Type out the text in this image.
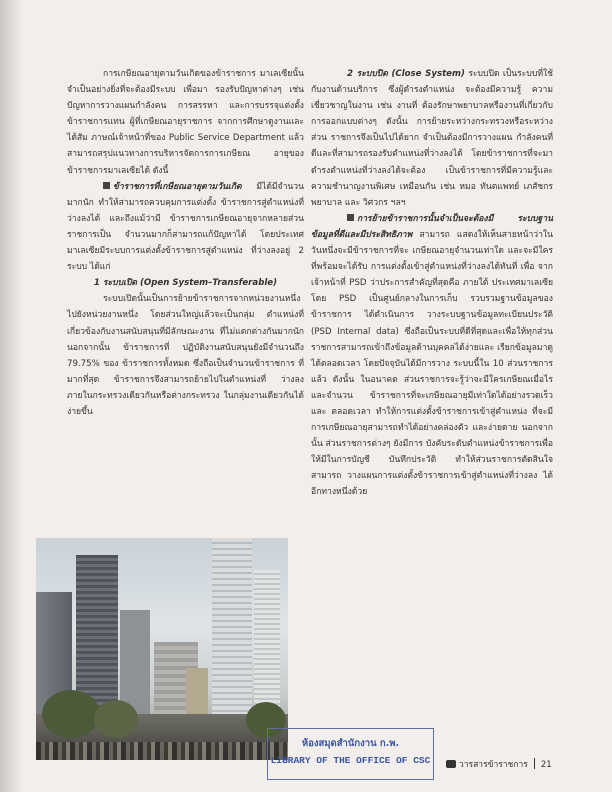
การเกษียณอายุตามวันเกิดของข้าราชการ มาเลเซียนั้นจำเป็นอย่างยิ่งที่จะต้องมีระบบ เพื่อมา รองรับปัญหาต่างๆ เช่น ปัญหาการวางแผนกำลังคน การสรรหา และการบรรจุแต่งตั้งข้าราชการแทน ผู้ที่เกษียณอายุราชการ จากการศึกษาดูงานและได้สัม ภาษณ์เจ้าหน้าที่ของ Public Service Department แล้ว สามารถสรุปแนวทางการบริหารจัดการการเกษียณ	อายุของข้าราชการมาเลเซียได้ ดังนี้

ข้าราชการที่เกษียณอายุตามวันเกิด มีได้มีจำนวนมากนัก ทำให้สามารถควบคุมการแต่งตั้ง ข้าราชการสู่ตำแหน่งที่ว่างลงได้ และถึงแม้ว่ามี ข้าราชการเกษียณอายุจากหลายส่วนราชการเป็น จำนวนมากก็สามารถแก้ปัญหาได้ โดยประเทศ มาเลเซียมีระบบการแต่งตั้งข้าราชการสู่ตำแหน่ง ที่ว่างลงอยู่ 2 ระบบ ได้แก่

1 ระบบเปิด (Open System–Transferable)

ระบบเปิดนั้นเป็นการย้ายข้าราชการจากหน่วยงานหนึ่ง ไปยังหน่วยงานหนึ่ง โดยส่วนใหญ่แล้วจะเป็นกลุ่ม ตำแหน่งที่เกี่ยวข้องกับงานสนับสนุนที่มีลักษณะงาน ที่ไม่แตกต่างกันมากนัก นอกจากนั้น ข้าราชการที่ ปฏิบัติงานสนับสนุนยังมีจำนวนถึง 79.75% ของ ข้าราชการทั้งหมด ซึ่งถือเป็นจำนวนข้าราชการ ที่มากที่สุด ข้าราชการจึงสามารถย้ายไปในตำแหน่งที่ ว่างลงภายในกระทรวงเดียวกันหรือต่างกระทรวง ในกลุ่มงานเดียวกันได้ง่ายขึ้น

2 ระบบปิด (Close System) ระบบปิด เป็นระบบที่ใช้กับงานด้านบริการ ซึ่งผู้ดำรงตำแหน่ง จะต้องมีความรู้ ความเชี่ยวชาญในงาน เช่น งานที่ ต้องรักษาพยาบาลหรืองานที่เกี่ยวกับการออกแบบต่างๆ ดังนั้น การย้ายระหว่างกระทรวงหรือระหว่างส่วน ราชการจึงเป็นไปได้ยาก จำเป็นต้องมีการวางแผน กำลังคนที่ดีและที่สามารถรองรับตำแหน่งที่ว่างลงได้ โดยข้าราชการที่จะมาดำรงตำแหน่งที่ว่างลงได้จะต้อง เป็นข้าราชการที่มีความรู้และความชำนาญงานพิเศษ เหมือนกัน เช่น หมอ ทันตแพทย์ เภสัชกร พยาบาล และ วิศวกร ฯลฯ

การย้ายข้าราชการนั้นจำเป็นจะต้องมี	ระบบฐานข้อมูลที่ดีและมีประสิทธิภาพ สามารถ แสดงให้เห็นสายหน้าว่าในวันหนึ่งจะมีข้าราชการที่จะ เกษียณอายุจำนวนเท่าใด และจะมีใครที่พร้อมจะได้รับ การแต่งตั้งเข้าสู่ตำแหน่งที่ว่างลงได้ทันที่ เพื่อ จากเจ้าหน้าที่ PSD ว่าประการสำคัญที่สุดคือ ภายใต้ ประเทศมาเลเซียโดย PSD เป็นศูนย์กลางในการเก็บ รวบรวมฐานข้อมูลของข้าราชการ ได้ดำเนินการ วางระบบฐานข้อมูลทะเบียนประวัติ (PSD Internal data) ซึ่งถือเป็นระบบที่ดีที่สุดและเพื่อให้ทุกส่วน ราชการสามารถเข้าถึงข้อมูลด้านบุคคลได้ง่ายและ เรียกข้อมูลมาดูได้ตลอดเวลา โดยปัจจุบันได้มีการวาง ระบบนี้ใน 10 ส่วนราชการแล้ว ดังนั้น ในอนาคต ส่วนราชการจะรู้ว่าจะมีใครเกษียณเมื่อไร และจำนวน ข้าราชการที่จะเกษียณอายุมีเท่าใดได้อย่างรวดเร็วและ ตลอดเวลา ทำให้การแต่งตั้งข้าราชการเข้าสู่ตำแหน่ง ที่จะมีการเกษียณอายุสามารถทำได้อย่างคล่องตัว และง่ายดาย นอกจากนั้น ส่วนราชการต่างๆ ยังมีการ บังคับระดับตำแหน่งข้าราชการเพื่อให้มีในการบัญชี บันทึกประวัติ ทำให้ส่วนราชการตัดสินใจ สามารถ วางแผนการแต่งตั้งข้าราชการเข้าสู่ตำแหน่งที่ว่างลง ได้อีกทางหนึ่งด้วย

ห้องสมุดสำนักงาน ก.พ.
LIBRARY OF THE OFFICE OF CSC	วารสารข้าราชการ 21
